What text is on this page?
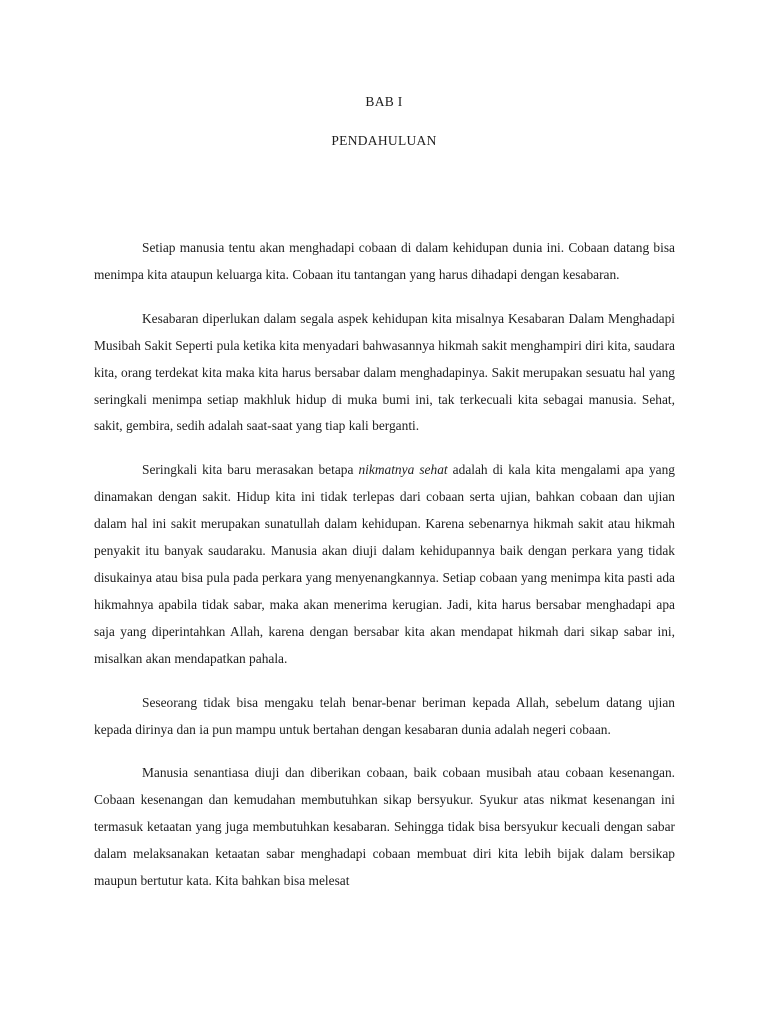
BAB I
PENDAHULUAN

Setiap manusia tentu akan menghadapi cobaan di dalam kehidupan dunia ini. Cobaan datang bisa menimpa kita ataupun keluarga kita. Cobaan itu tantangan yang harus dihadapi dengan kesabaran.

Kesabaran diperlukan dalam segala aspek kehidupan kita misalnya Kesabaran Dalam Menghadapi Musibah Sakit Seperti pula ketika kita menyadari bahwasannya hikmah sakit menghampiri diri kita, saudara kita, orang terdekat kita maka kita harus bersabar dalam menghadapinya. Sakit merupakan sesuatu hal yang seringkali menimpa setiap makhluk hidup di muka bumi ini, tak terkecuali kita sebagai manusia. Sehat, sakit, gembira, sedih adalah saat-saat yang tiap kali berganti.

Seringkali kita baru merasakan betapa nikmatnya sehat adalah di kala kita mengalami apa yang dinamakan dengan sakit. Hidup kita ini tidak terlepas dari cobaan serta ujian, bahkan cobaan dan ujian dalam hal ini sakit merupakan sunatullah dalam kehidupan. Karena sebenarnya hikmah sakit atau hikmah penyakit itu banyak saudaraku. Manusia akan diuji dalam kehidupannya baik dengan perkara yang tidak disukainya atau bisa pula pada perkara yang menyenangkannya. Setiap cobaan yang menimpa kita pasti ada hikmahnya apabila tidak sabar, maka akan menerima kerugian. Jadi, kita harus bersabar menghadapi apa saja yang diperintahkan Allah, karena dengan bersabar kita akan mendapat hikmah dari sikap sabar ini, misalkan akan mendapatkan pahala.

Seseorang tidak bisa mengaku telah benar-benar beriman kepada Allah, sebelum datang ujian kepada dirinya dan ia pun mampu untuk bertahan dengan kesabaran dunia adalah negeri cobaan.

Manusia senantiasa diuji dan diberikan cobaan, baik cobaan musibah atau cobaan kesenangan. Cobaan kesenangan dan kemudahan membutuhkan sikap bersyukur. Syukur atas nikmat kesenangan ini termasuk ketaatan yang juga membutuhkan kesabaran. Sehingga tidak bisa bersyukur kecuali dengan sabar dalam melaksanakan ketaatan sabar menghadapi cobaan membuat diri kita lebih bijak dalam bersikap maupun bertutur kata. Kita bahkan bisa melesat
